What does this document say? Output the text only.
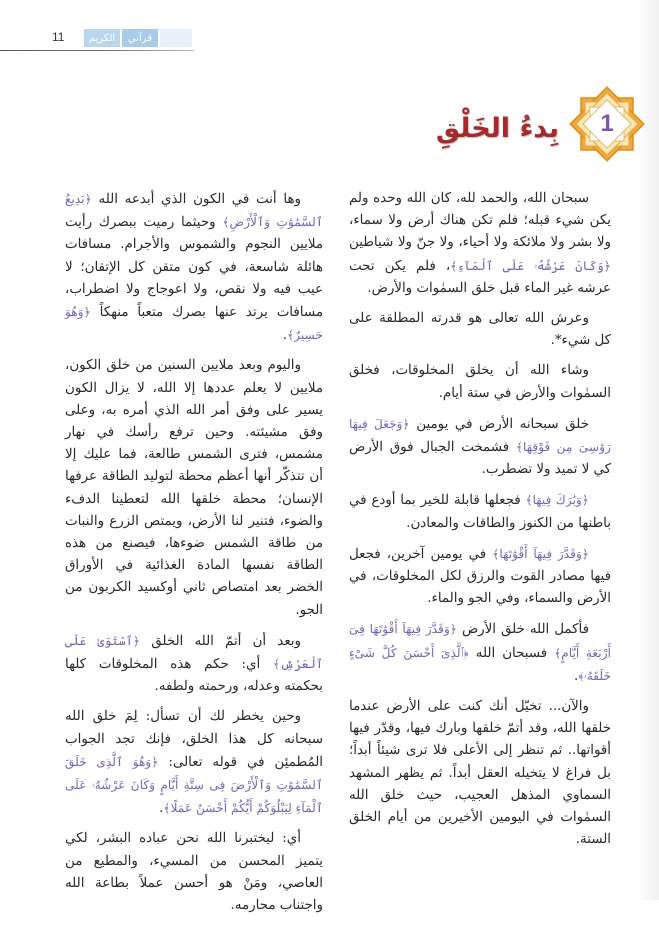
11	الكريم	قرآني
1
بِدءُ الخَلْقِ

سبحان الله، والحمد لله، كان الله وحده ولم يكن شيء قبله؛ فلم تكن هناك أرض ولا سماء، ولا بشر ولا ملائكة ولا أحياء، ولا جنّ ولا شياطين ﴿وَكَانَ عَرْشُهُۥ عَلَى ٱلْمَآءِ﴾، فلم يكن تحت عرشه غير الماء قبل خلق السمٰوات والأرض.

وعرش الله تعالى هو قدرته المطلقة على كل شيء*.

وشاء الله أن يخلق المخلوقات، فخلق السمٰوات والأرض في ستة أيام.

خلق سبحانه الأرض في يومين ﴿وَجَعَلَ فِيهَا رَوَٰسِىَ مِن فَوْقِهَا﴾ فشمخت الجبال فوق الأرض كي لا تميد ولا تضطرب.

﴿وَبَٰرَكَ فِيهَا﴾ فجعلها قابلة للخير بما أودع في باطنها من الكنوز والطاقات والمعادن.

﴿وَقَدَّرَ فِيهَآ أَقْوَٰتَهَا﴾ في يومين آخرين، فجعل فيها مصادر القوت والرزق لكل المخلوقات، في الأرض والسماء، وفي الجو والماء.

فأكمل الله خلق الأرض ﴿وَقَدَّرَ فِيهَآ أَقْوَٰتَهَا فِىٓ أَرْبَعَةِ أَيَّامٍ﴾ فسبحان الله ﴿ٱلَّذِىٓ أَحْسَنَ كُلَّ شَىْءٍ خَلَقَهُۥ﴾.

والآن... تخيّل أنك كنت على الأرض عندما خلقها الله، وقد أتمّ خلقها وبارك فيها، وقدّر فيها أقواتها.. ثم تنظر إلى الأعلى فلا ترى شيئاً أبداً؛ بل فراغ لا يتخيله العقل أبداً. ثم يظهر المشهد السماوي المذهل العجيب، حيث خلق الله السمٰوات في اليومين الأخيرين من أيام الخلق الستة.

وها أنت في الكون الذي أبدعه الله ﴿بَدِيعُ ٱلسَّمَٰوَٰتِ وَٱلْأَرْضِ﴾ وحيثما رميت ببصرك رأيت ملايين النجوم والشموس والأجرام. مسافات هائلة شاسعة، في كون متقن كل الإتقان؛ لا عيب فيه ولا نقص، ولا اعوجاج ولا اضطراب، مسافات يرتد عنها بصرك متعباً منهكاً ﴿وَهُوَ حَسِيرٌ﴾.

واليوم وبعد ملايين السنين من خلق الكون، ملايين لا يعلم عددها إلا الله، لا يزال الكون يسير على وفق أمر الله الذي أمره به، وعلى وفق مشيئته. وحين ترفع رأسك في نهار مشمس، فترى الشمس طالعة، فما عليك إلا أن تتذكّر أنها أعظم محطة لتوليد الطاقة عرفها الإنسان؛ محطة خلقها الله لتعطينا الدفء والضوء، فتنير لنا الأرض، ويمتص الزرع والنبات من طاقة الشمس ضوءها، فيصنع من هذه الطاقة نفسها المادة الغذائية في الأوراق الخضر بعد امتصاص ثاني أوكسيد الكربون من الجو.

وبعد أن أتمّ الله الخلق ﴿ٱسْتَوَىٰ عَلَى ٱلْعَرْشِ﴾ أي: حكم هذه المخلوقات كلها بحكمته وعدله، ورحمته ولطفه.

وحين يخطر لك أن تسأل: لِمَ خلق الله سبحانه كل هذا الخلق، فإنك تجد الجواب المُطمئِن في قوله تعالى: ﴿وَهُوَ ٱلَّذِى خَلَقَ ٱلسَّمَٰوَٰتِ وَٱلْأَرْضَ فِى سِتَّةِ أَيَّامٍ وَكَانَ عَرْشُهُۥ عَلَى ٱلْمَآءِ لِيَبْلُوَكُمْ أَيُّكُمْ أَحْسَنُ عَمَلًا﴾.

أي: ليختبرنا الله نحن عباده البشر، لكي يتميز المحسن من المسيء، والمطيع من العاصي، ومَنْ هو أحسن عملاً بطاعة الله واجتناب محارمه.
